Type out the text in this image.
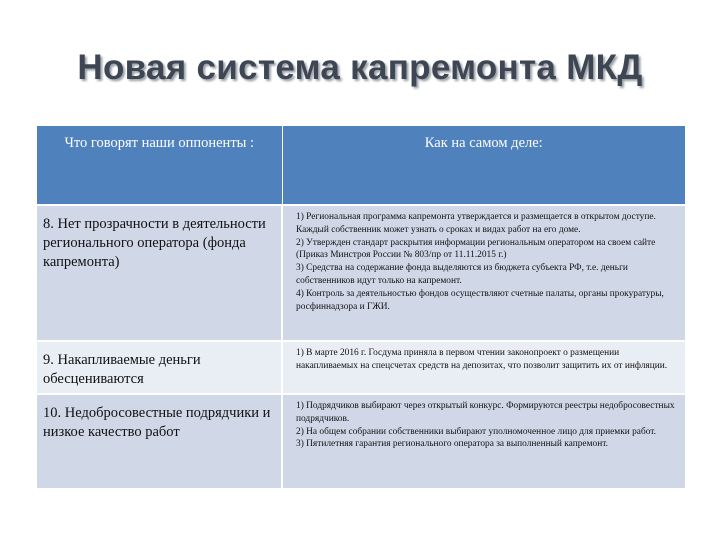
Новая система капремонта МКД
Что говорят наши оппоненты :	Как на самом деле:
8. Нет прозрачности в деятельности регионального оператора (фонда капремонта)	1) Региональная программа капремонта утверждается и размещается в открытом доступе. Каждый собственник может узнать о сроках и видах работ на его доме.
2) Утвержден стандарт раскрытия информации региональным оператором на своем сайте (Приказ Минстроя России № 803/пр от 11.11.2015 г.)
3) Средства на содержание фонда выделяются из бюджета субъекта РФ, т.е. деньги собственников идут только на капремонт.
4) Контроль за деятельностью фондов осуществляют счетные палаты, органы прокуратуры, росфиннадзора и ГЖИ.

9. Накапливаемые деньги обесцениваются	1) В марте 2016 г. Госдума приняла в первом чтении законопроект о размещении накапливаемых на спецсчетах средств на депозитах, что позволит защитить их от инфляции.

10. Недобросовестные подрядчики и низкое качество работ	1) Подрядчиков выбирают через открытый конкурс. Формируются реестры недобросовестных подрядчиков.
2) На общем собрании собственники выбирают уполномоченное лицо для приемки работ.
3) Пятилетняя гарантия регионального оператора за выполненный капремонт.
